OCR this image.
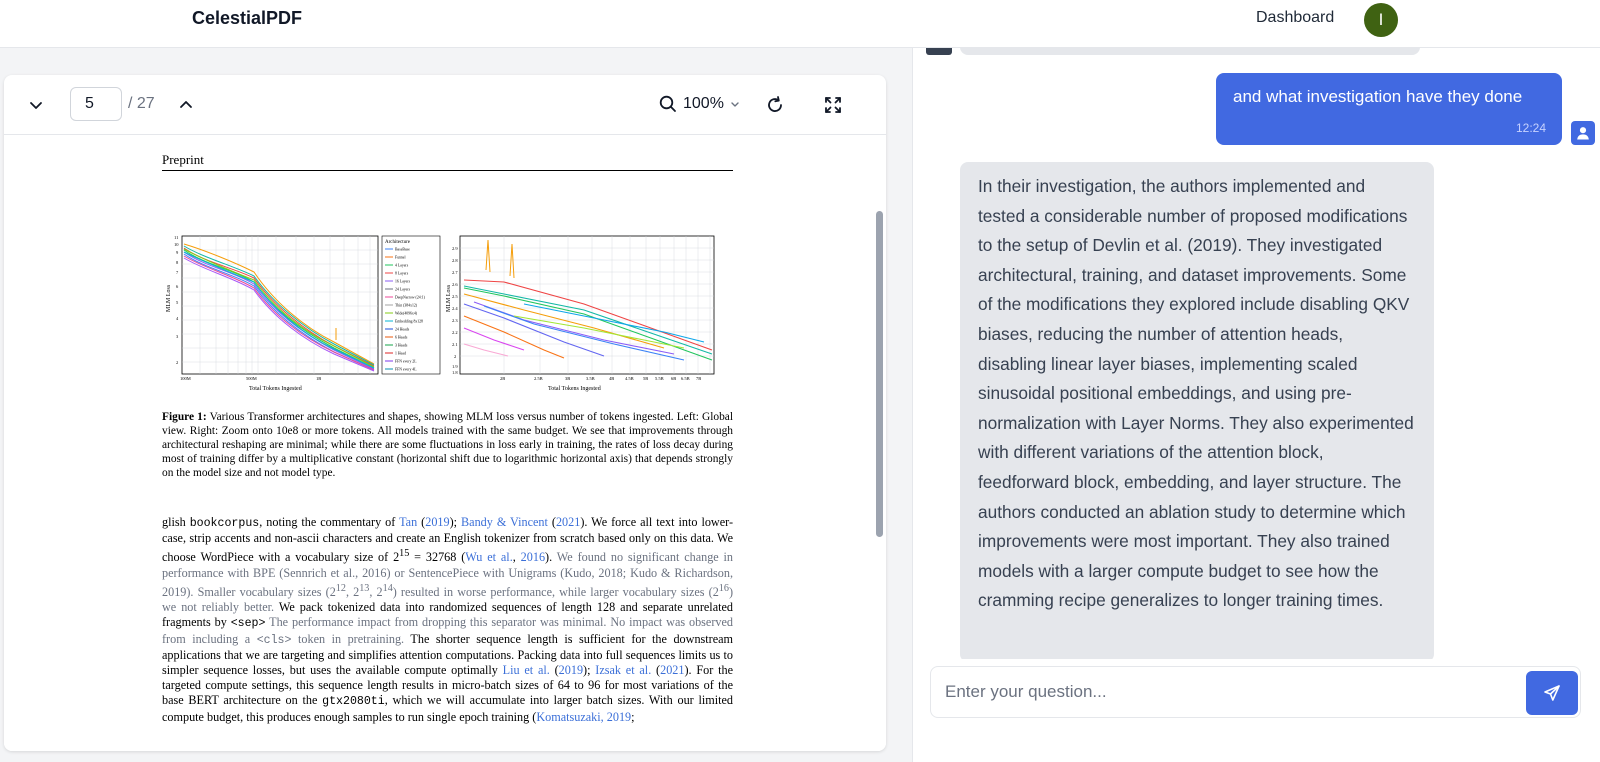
CelestialPDF	Dashboard	I
5
/ 27	100%
Preprint
MLM Loss
Total Tokens Ingested
100M	500M	1B
11
10
9
8
7
6
5
4
3
2
Architecture
BaseBase
Funnel
4 Layers
8 Layers
16 Layers
24 Layers
DeepNarrow (24:1)
Thin (384x12)
Wide(4096x4)
Embedding 8x128
24 Heads
6 Heads
3 Heads
1 Head
FFN every 2L
FFN every 4L
MLM Loss
Total Tokens Ingested
2B	2.5B	3B	3.5B	4B 4.5B 5B 5.5B 6B 6.5B 7B
2.9
2.8
2.7
2.6
2.5
2.4
2.3
2.2
2.1
2
1.9
1.8
Figure 1: Various Transformer architectures and shapes, showing MLM loss versus number of tokens ingested. Left: Global view. Right: Zoom onto 10e8 or more tokens. All models trained with the same budget. We see that improvements through architectural reshaping are minimal; while there are some fluctuations in loss early in training, the rates of loss decay during most of training differ by a multiplicative constant (horizontal shift due to logarithmic horizontal axis) that depends strongly on the model size and not model type.
glish bookcorpus, noting the commentary of Tan (2019); Bandy & Vincent (2021). We force all text into lower-case, strip accents and non-ascii characters and create an English tokenizer from scratch based only on this data. We choose WordPiece with a vocabulary size of $2^{15} = 32768$ (Wu et al., 2016). We found no significant change in performance with BPE (Sennrich et al., 2016) or SentencePiece with Unigrams (Kudo, 2018; Kudo & Richardson, 2019). Smaller vocabulary sizes ($2^{12}$, $2^{13}$, $2^{14}$) resulted in worse performance, while larger vocabulary sizes $(2^{16})$ we not reliably better. We pack tokenized data into randomized sequences of length 128 and separate unrelated fragments by <sep> The performance impact from dropping this separator was minimal. No impact was observed from including a <cls> token in pretraining. The shorter sequence length is sufficient for the downstream applications that we are targeting and simplifies attention computations. Packing data into full sequences limits us to simpler sequence losses, but uses the available compute optimally Liu et al. (2019); Izsak et al. (2021). For the targeted compute settings, this sequence length results in micro-batch sizes of 64 to 96 for most variations of the base BERT architecture on the gtx2080ti, which we will accumulate into larger batch sizes. With our limited compute budget, this produces enough samples to run single epoch training (Komatsuzaki, 2019;
and what investigation have they done
12:24
In their investigation, the authors implemented and tested a considerable number of proposed modifications to the setup of Devlin et al. (2019). They investigated architectural, training, and dataset improvements. Some of the modifications they explored include disabling QKV biases, reducing the number of attention heads, disabling linear layer biases, implementing scaled sinusoidal positional embeddings, and using pre-normalization with Layer Norms. They also experimented with different variations of the attention block, feedforward block, embedding, and layer structure. The authors conducted an ablation study to determine which improvements were most important. They also trained models with a larger compute budget to see how the cramming recipe generalizes to longer training times.
Enter your question...
